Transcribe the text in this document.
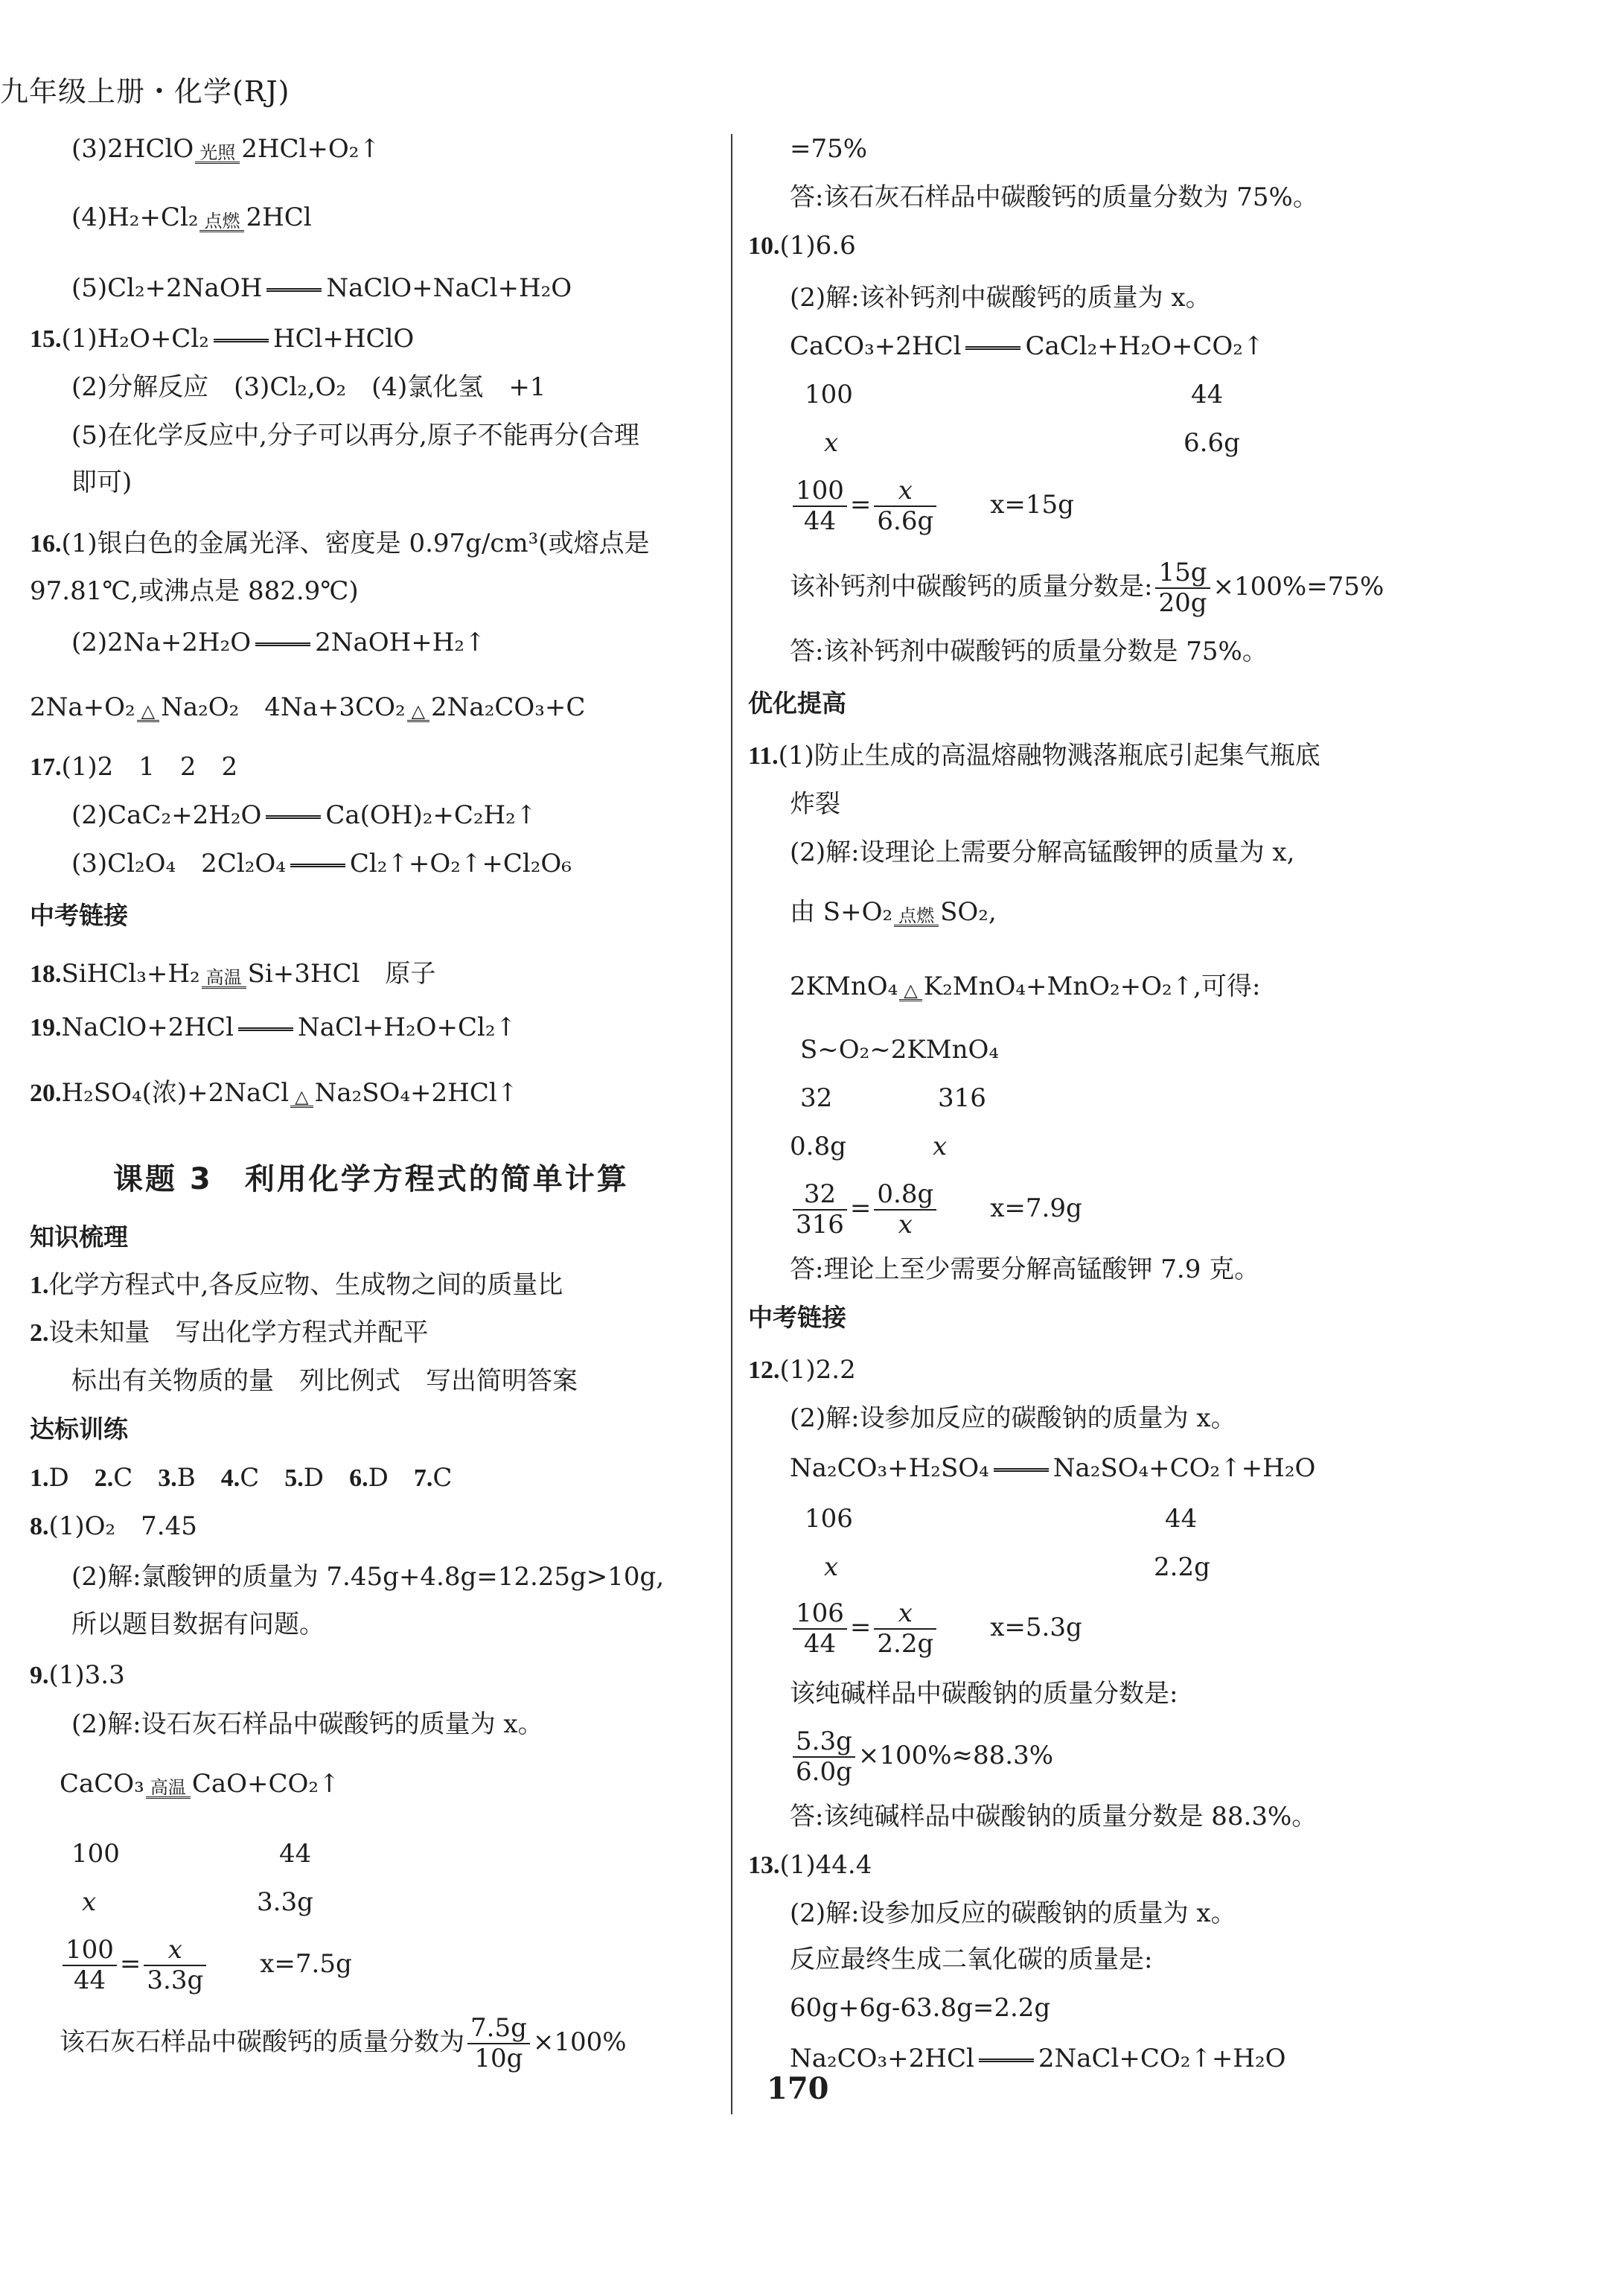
九年级上册・化学(RJ)
(3)2HClO 光照 2HCl+O₂↑
(4)H₂+Cl₂ 点燃 2HCl
(5)Cl₂+2NaOH	NaClO+NaCl+H₂O
15.(1)H₂O+Cl₂	HCl+HClO
(2)分解反应　(3)Cl₂,O₂　(4)氯化氢　+1
(5)在化学反应中,分子可以再分,原子不能再分(合理
即可)
16.(1)银白色的金属光泽、密度是 0.97g/cm³(或熔点是
97.81℃,或沸点是 882.9℃)
(2)2Na+2H₂O	2NaOH+H₂↑
2Na+O₂ △ Na₂O₂　4Na+3CO₂ △ 2Na₂CO₃+C
17.(1)2　1　2　2
(2)CaC₂+2H₂O	Ca(OH)₂+C₂H₂↑
(3)Cl₂O₄　2Cl₂O₄	Cl₂↑+O₂↑+Cl₂O₆
中考链接
18.SiHCl₃+H₂ 高温 Si+3HCl　原子
19.NaClO+2HCl	NaCl+H₂O+Cl₂↑
20.H₂SO₄(浓)+2NaCl △ Na₂SO₄+2HCl↑
课题 3　利用化学方程式的简单计算
知识梳理
1.化学方程式中,各反应物、生成物之间的质量比
2.设未知量　写出化学方程式并配平
标出有关物质的量　列比例式　写出简明答案
达标训练
1.D  2.C  3.B  4.C  5.D  6.D  7.C
8.(1)O₂　7.45
(2)解:氯酸钾的质量为 7.45g+4.8g=12.25g>10g,
所以题目数据有问题。
9.(1)3.3
(2)解:设石灰石样品中碳酸钙的质量为 x。
CaCO₃ 高温 CaO+CO₂↑
100	44
x	3.3g
$\frac{100}{44} = \frac{x}{3.3g}$
   x=7.5g
该石灰石样品中碳酸钙的质量分数为 $\frac{7.5g}{10g} \times 100\%$
=75%
答:该石灰石样品中碳酸钙的质量分数为 75%。
10.(1)6.6
(2)解:该补钙剂中碳酸钙的质量为 x。
CaCO₃+2HCl	CaCl₂+H₂O+CO₂↑
100	44
x	6.6g
$\frac{100}{44} = \frac{x}{6.6g}$
   x=15g
该补钙剂中碳酸钙的质量分数是: $\frac{15g}{20g} \times 100\%=75\%$
答:该补钙剂中碳酸钙的质量分数是 75%。
优化提高
11.(1)防止生成的高温熔融物溅落瓶底引起集气瓶底
炸裂
(2)解:设理论上需要分解高锰酸钾的质量为 x,
由 S+O₂ 点燃 SO₂,
2KMnO₄ △ K₂MnO₄+MnO₂+O₂↑,可得:
S~O₂~2KMnO₄
32	316
0.8g	x
$\frac{32}{316} = \frac{0.8g}{x}$
   x=7.9g
答:理论上至少需要分解高锰酸钾 7.9 克。
中考链接
12.(1)2.2
(2)解:设参加反应的碳酸钠的质量为 x。
Na₂CO₃+H₂SO₄	Na₂SO₄+CO₂↑+H₂O
106	44
x	2.2g
$\frac{106}{44} = \frac{x}{2.2g}$
   x=5.3g
该纯碱样品中碳酸钠的质量分数是:
$\frac{5.3g}{6.0g} \times 100\%\approx 88.3\%$
答:该纯碱样品中碳酸钠的质量分数是 88.3%。
13.(1)44.4
(2)解:设参加反应的碳酸钠的质量为 x。
反应最终生成二氧化碳的质量是:
60g+6g-63.8g=2.2g
Na₂CO₃+2HCl	2NaCl+CO₂↑+H₂O
170
